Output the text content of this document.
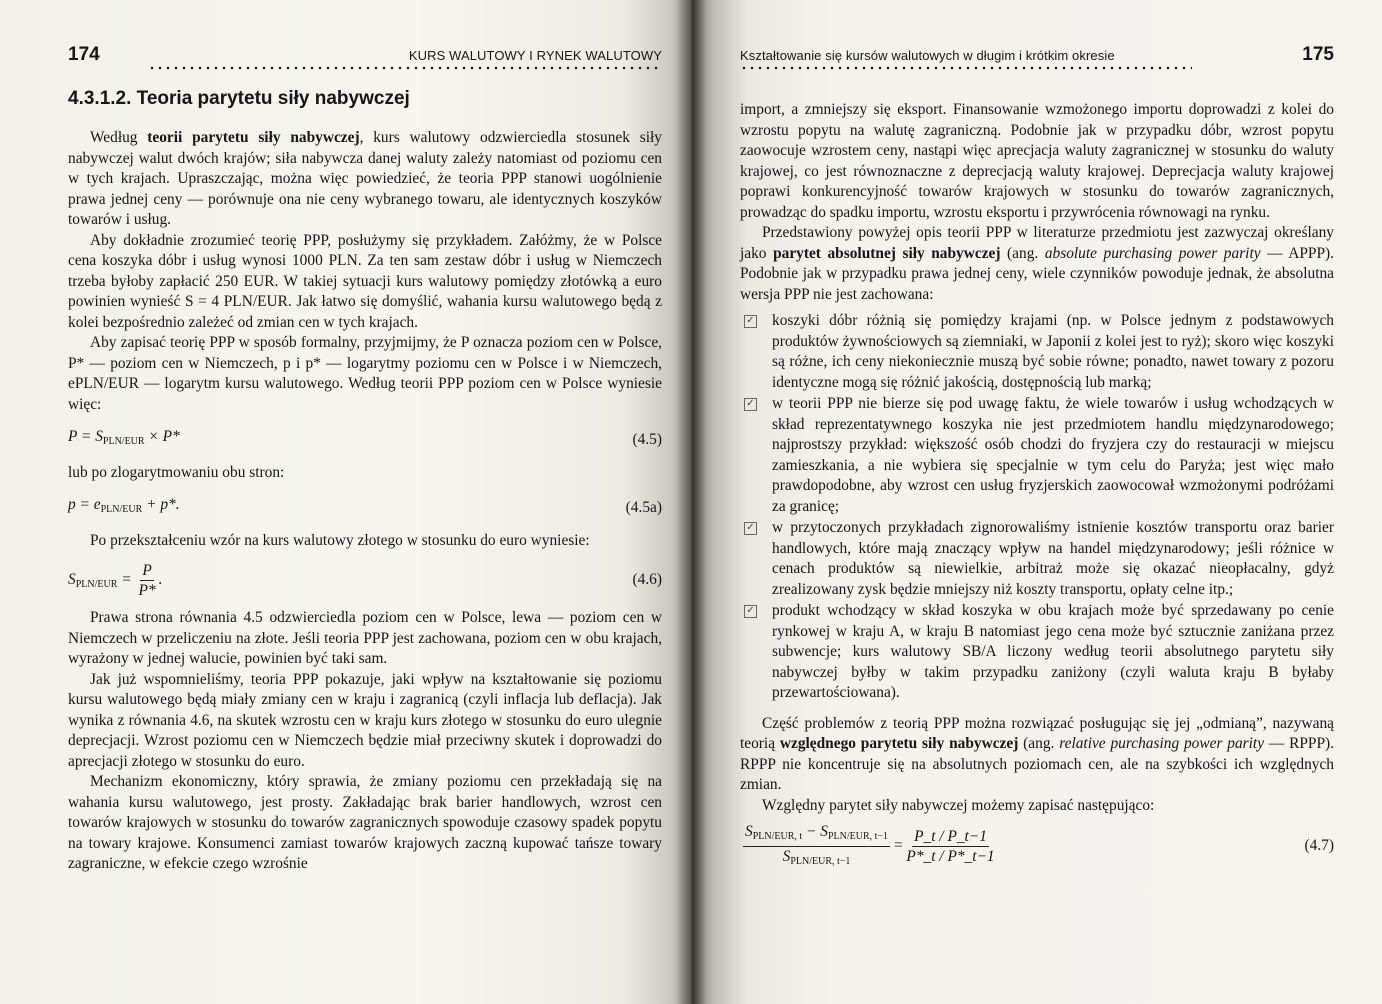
174	KURS WALUTOWY I RYNEK WALUTOWY
4.3.1.2. Teoria parytetu siły nabywczej

Według teorii parytetu siły nabywczej, kurs walutowy odzwierciedla stosunek siły nabywczej walut dwóch krajów; siła nabywcza danej waluty zależy natomiast od poziomu cen w tych krajach. Upraszczając, można więc powiedzieć, że teoria PPP stanowi uogólnienie prawa jednej ceny — porównuje ona nie ceny wybranego towaru, ale identycznych koszyków towarów i usług.

Aby dokładnie zrozumieć teorię PPP, posłużymy się przykładem. Załóżmy, że w Polsce cena koszyka dóbr i usług wynosi 1000 PLN. Za ten sam zestaw dóbr i usług w Niemczech trzeba byłoby zapłacić 250 EUR. W takiej sytuacji kurs walutowy pomiędzy złotówką a euro powinien wynieść S = 4 PLN/EUR. Jak łatwo się domyślić, wahania kursu walutowego będą z kolei bezpośrednio zależeć od zmian cen w tych krajach.

Aby zapisać teorię PPP w sposób formalny, przyjmijmy, że P oznacza poziom cen w Polsce, P* — poziom cen w Niemczech, p i p* — logarytmy poziomu cen w Polsce i w Niemczech, ePLN/EUR — logarytm kursu walutowego. Według teorii PPP poziom cen w Polsce wyniesie więc:

$P = S_{PLN/EUR} \times P*$	(4.5)

lub po zlogarytmowaniu obu stron:

$p = e_{PLN/EUR} + p*$.	(4.5a)

Po przekształceniu wzór na kurs walutowy złotego w stosunku do euro wyniesie:

$S_{PLN/EUR} = \frac{P}{P*}$ .	(4.6)

Prawa strona równania 4.5 odzwierciedla poziom cen w Polsce, lewa — poziom cen w Niemczech w przeliczeniu na złote. Jeśli teoria PPP jest zachowana, poziom cen w obu krajach, wyrażony w jednej walucie, powinien być taki sam.

Jak już wspomnieliśmy, teoria PPP pokazuje, jaki wpływ na kształtowanie się poziomu kursu walutowego będą miały zmiany cen w kraju i zagranicą (czyli inflacja lub deflacja). Jak wynika z równania 4.6, na skutek wzrostu cen w kraju kurs złotego w stosunku do euro ulegnie deprecjacji. Wzrost poziomu cen w Niemczech będzie miał przeciwny skutek i doprowadzi do aprecjacji złotego w stosunku do euro.

Mechanizm ekonomiczny, który sprawia, że zmiany poziomu cen przekładają się na wahania kursu walutowego, jest prosty. Zakładając brak barier handlowych, wzrost cen towarów krajowych w stosunku do towarów zagranicznych spowoduje czasowy spadek popytu na towary krajowe. Konsumenci zamiast towarów krajowych zaczną kupować tańsze towary zagraniczne, w efekcie czego wzrośnie

Kształtowanie się kursów walutowych w długim i krótkim okresie	175

import, a zmniejszy się eksport. Finansowanie wzmożonego importu doprowadzi z kolei do wzrostu popytu na walutę zagraniczną. Podobnie jak w przypadku dóbr, wzrost popytu zaowocuje wzrostem ceny, nastąpi więc aprecjacja waluty zagranicznej w stosunku do waluty krajowej, co jest równoznaczne z deprecjacją waluty krajowej. Deprecjacja waluty krajowej poprawi konkurencyjność towarów krajowych w stosunku do towarów zagranicznych, prowadząc do spadku importu, wzrostu eksportu i przywrócenia równowagi na rynku.

Przedstawiony powyżej opis teorii PPP w literaturze przedmiotu jest zazwyczaj określany jako parytet absolutnej siły nabywczej (ang. absolute purchasing power parity — APPP). Podobnie jak w przypadku prawa jednej ceny, wiele czynników powoduje jednak, że absolutna wersja PPP nie jest zachowana:

✓ koszyki dóbr różnią się pomiędzy krajami (np. w Polsce jednym z podstawowych produktów żywnościowych są ziemniaki, w Japonii z kolei jest to ryż); skoro więc koszyki są różne, ich ceny niekoniecznie muszą być sobie równe; ponadto, nawet towary z pozoru identyczne mogą się różnić jakością, dostępnością lub marką;
✓ w teorii PPP nie bierze się pod uwagę faktu, że wiele towarów i usług wchodzących w skład reprezentatywnego koszyka nie jest przedmiotem handlu międzynarodowego; najprostszy przykład: większość osób chodzi do fryzjera czy do restauracji w miejscu zamieszkania, a nie wybiera się specjalnie w tym celu do Paryża; jest więc mało prawdopodobne, aby wzrost cen usług fryzjerskich zaowocował wzmożonymi podróżami za granicę;
✓ w przytoczonych przykładach zignorowaliśmy istnienie kosztów transportu oraz barier handlowych, które mają znaczący wpływ na handel międzynarodowy; jeśli różnice w cenach produktów są niewielkie, arbitraż może się okazać nieopłacalny, gdyż zrealizowany zysk będzie mniejszy niż koszty transportu, opłaty celne itp.;
✓ produkt wchodzący w skład koszyka w obu krajach może być sprzedawany po cenie rynkowej w kraju A, w kraju B natomiast jego cena może być sztucznie zaniżana przez subwencje; kurs walutowy SB/A liczony według teorii absolutnego parytetu siły nabywczej byłby w takim przypadku zaniżony (czyli waluta kraju B byłaby przewartościowana).

Część problemów z teorią PPP można rozwiązać posługując się jej „odmianą”, nazywaną teorią względnego parytetu siły nabywczej (ang. relative purchasing power parity — RPPP). RPPP nie koncentruje się na absolutnych poziomach cen, ale na szybkości ich względnych zmian.

Względny parytet siły nabywczej możemy zapisać następująco:

$\frac{S_{PLN/EUR, t} - S_{PLN/EUR, t-1}}{S_{PLN/EUR, t-1}} = \frac{P\_t / P\_t-1}{P*\_t / P*\_t-1}$	(4.7)
